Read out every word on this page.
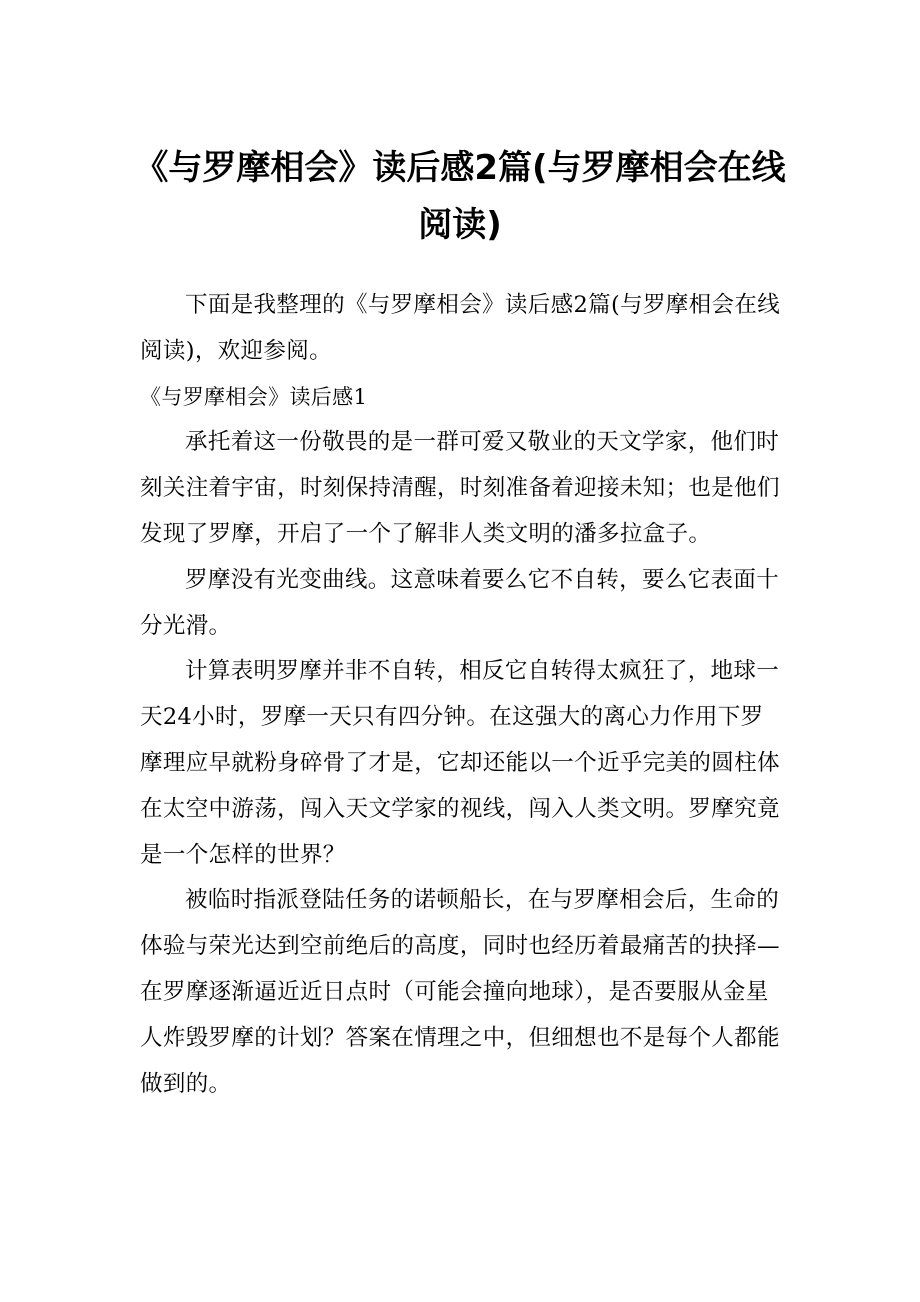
《与罗摩相会》读后感2篇(与罗摩相会在线阅读)

下面是我整理的《与罗摩相会》读后感2篇(与罗摩相会在线阅读)，欢迎参阅。

《与罗摩相会》读后感1

承托着这一份敬畏的是一群可爱又敬业的天文学家，他们时刻关注着宇宙，时刻保持清醒，时刻准备着迎接未知；也是他们发现了罗摩，开启了一个了解非人类文明的潘多拉盒子。

罗摩没有光变曲线。这意味着要么它不自转，要么它表面十分光滑。

计算表明罗摩并非不自转，相反它自转得太疯狂了，地球一天24小时，罗摩一天只有四分钟。在这强大的离心力作用下罗摩理应早就粉身碎骨了才是，它却还能以一个近乎完美的圆柱体在太空中游荡，闯入天文学家的视线，闯入人类文明。罗摩究竟是一个怎样的世界？

被临时指派登陆任务的诺顿船长，在与罗摩相会后，生命的体验与荣光达到空前绝后的高度，同时也经历着最痛苦的抉择—在罗摩逐渐逼近近日点时（可能会撞向地球），是否要服从金星人炸毁罗摩的计划？答案在情理之中，但细想也不是每个人都能做到的。
